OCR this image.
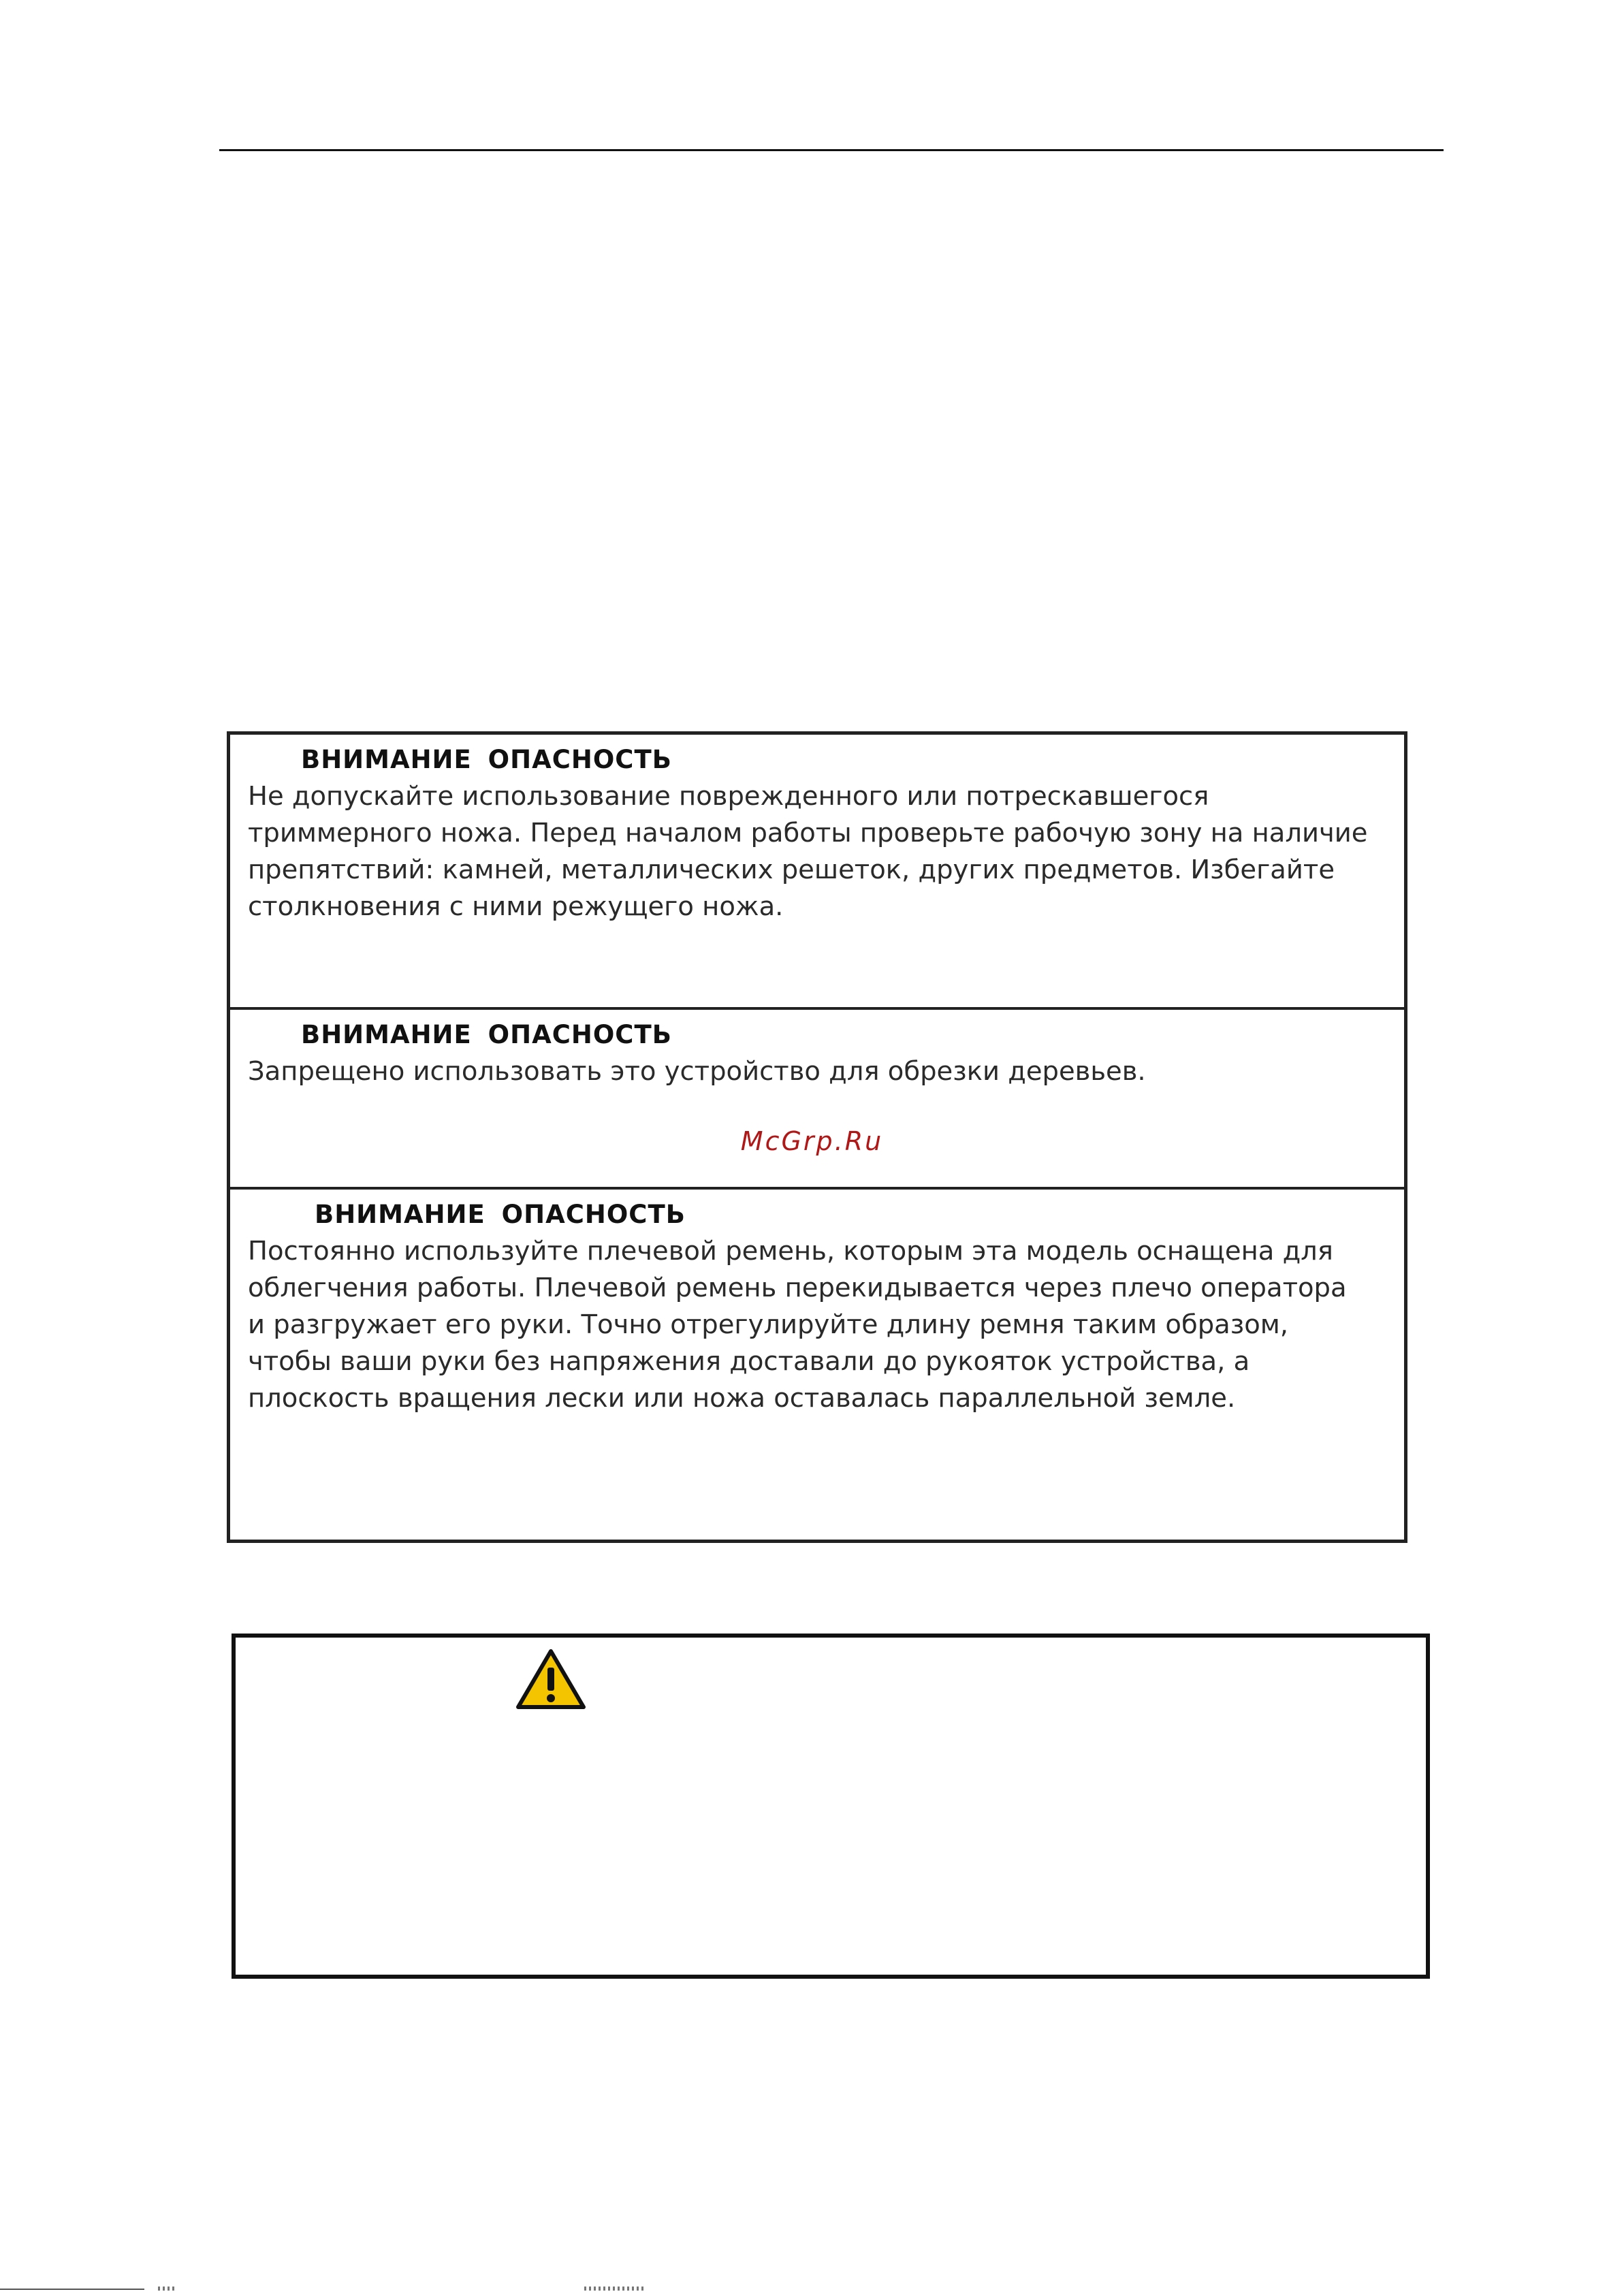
ВНИМАНИЕ ОПАСНОСТЬ

Не допускайте использование поврежденного или потрескавшегося

триммерного ножа. Перед началом работы проверьте рабочую зону на наличие

препятствий: камней, металлических решеток, других предметов. Избегайте

столкновения с ними режущего ножа.

ВНИМАНИЕ ОПАСНОСТЬ

Запрещено использовать это устройство для обрезки деревьев.

ВНИМАНИЕ ОПАСНОСТЬ

Постоянно используйте плечевой ремень, которым эта модель оснащена для

облегчения работы. Плечевой ремень перекидывается через плечо оператора

и разгружает его руки. Точно отрегулируйте длину ремня таким образом,

чтобы ваши руки без напряжения доставали до рукояток устройства, а

плоскость вращения лески или ножа оставалась параллельной земле.

McGrp.Ru
